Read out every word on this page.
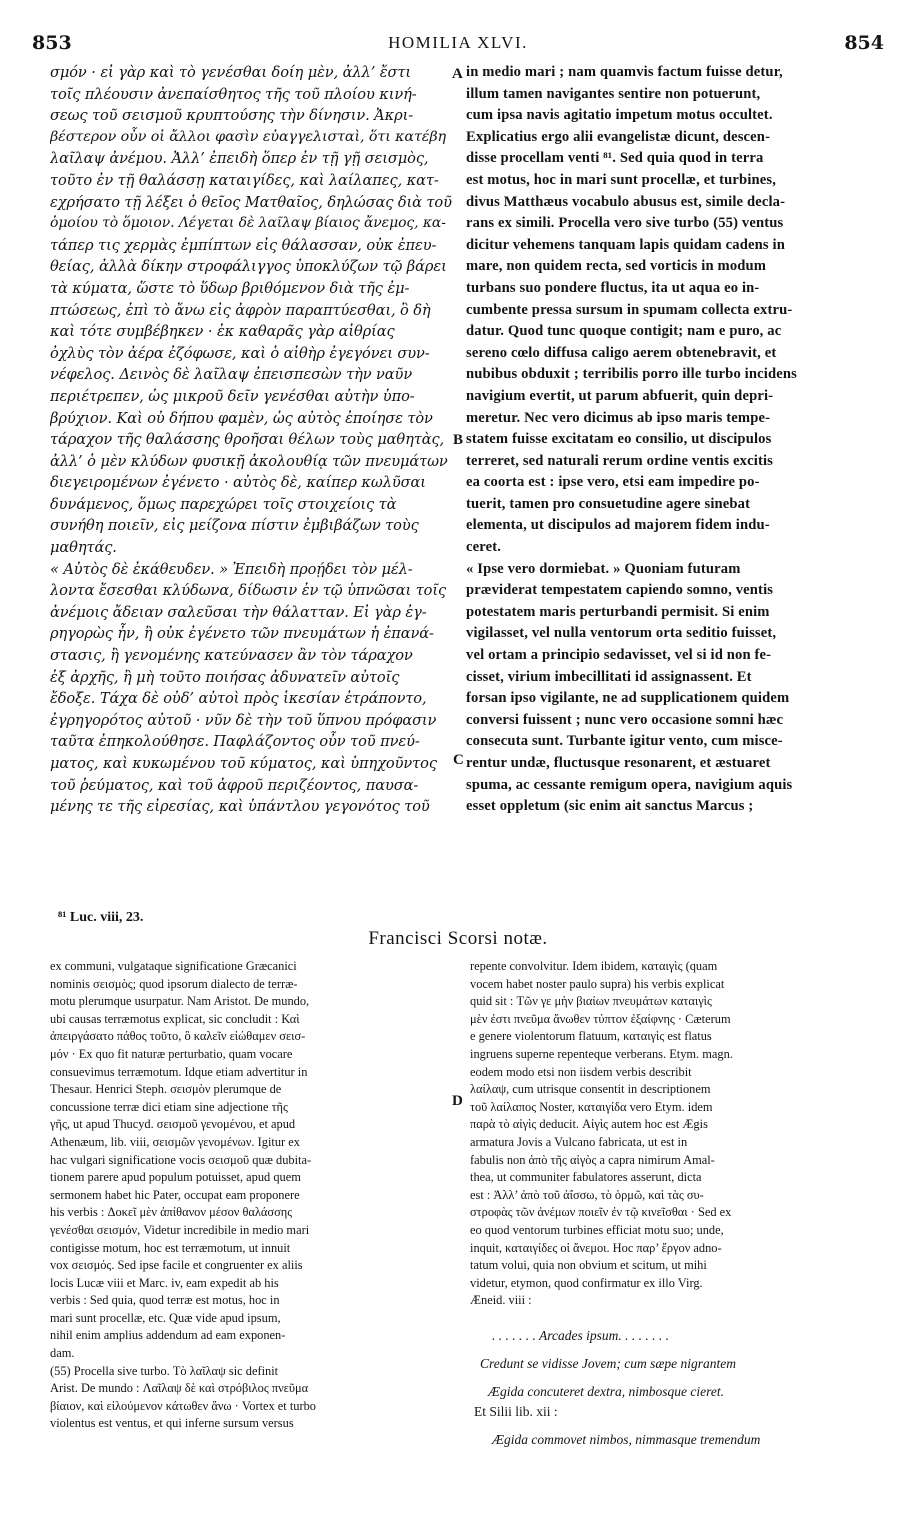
853	HOMILIA XLVI.	854
σμόν · εἰ γὰρ καὶ τὸ γενέσθαι δοίη μὲν, ἀλλ’ ἔστι
τοῖς πλέουσιν ἀνεπαίσθητος τῆς τοῦ πλοίου κινή-
σεως τοῦ σεισμοῦ κρυπτούσης τὴν δίνησιν. Ἀκρι-
βέστερον οὖν οἱ ἄλλοι φασὶν εὐαγγελισταὶ, ὅτι κατέβη
λαῖλαψ ἀνέμου. Ἀλλ’ ἐπειδὴ ὅπερ ἐν τῇ γῇ σεισμὸς,
τοῦτο ἐν τῇ θαλάσσῃ καταιγίδες, καὶ λαίλαπες, κατ-
εχρήσατο τῇ λέξει ὁ θεῖος Ματθαῖος, δηλώσας διὰ τοῦ
ὁμοίου τὸ ὅμοιον. Λέγεται δὲ λαῖλαψ βίαιος ἄνεμος, κα-
τάπερ τις χερμὰς ἐμπίπτων εἰς θάλασσαν, οὐκ ἐπευ-
θείας, ἀλλὰ δίκην στροφάλιγγος ὑποκλύζων τῷ βάρει
τὰ κύματα, ὥστε τὸ ὕδωρ βριθόμενον διὰ τῆς ἐμ-
πτώσεως, ἐπὶ τὸ ἄνω εἰς ἀφρὸν παραπτύεσθαι, ὃ δὴ
καὶ τότε συμβέβηκεν · ἐκ καθαρᾶς γὰρ αἰθρίας
ὀχλὺς τὸν ἀέρα ἐζόφωσε, καὶ ὁ αἰθὴρ ἐγεγόνει συν-
νέφελος. Δεινὸς δὲ λαῖλαψ ἐπεισπεσὼν τὴν ναῦν
περιέτρεπεν, ὡς μικροῦ δεῖν γενέσθαι αὐτὴν ὑπο-
βρύχιον. Καὶ οὐ δήπου φαμὲν, ὡς αὐτὸς ἐποίησε τὸν
τάραχον τῆς θαλάσσης θροῆσαι θέλων τοὺς μαθητὰς,
ἀλλ’ ὁ μὲν κλύδων φυσικῇ ἀκολουθίᾳ τῶν πνευμάτων
διεγειρομένων ἐγένετο · αὐτὸς δὲ, καίπερ κωλῦσαι
δυνάμενος, ὅμως παρεχώρει τοῖς στοιχείοις τὰ
συνήθη ποιεῖν, εἰς μείζονα πίστιν ἐμβιβάζων τοὺς
μαθητάς.
« Αὐτὸς δὲ ἐκάθευδεν. » Ἐπειδὴ προῄδει τὸν μέλ-
λοντα ἔσεσθαι κλύδωνα, δίδωσιν ἐν τῷ ὑπνῶσαι τοῖς
ἀνέμοις ἄδειαν σαλεῦσαι τὴν θάλατταν. Εἰ γὰρ ἐγ-
ρηγορὼς ἦν, ἢ οὐκ ἐγένετο τῶν πνευμάτων ἡ ἐπανά-
στασις, ἢ γενομένης κατεύνασεν ἂν τὸν τάραχον
ἐξ ἀρχῆς, ἢ μὴ τοῦτο ποιήσας ἀδυνατεῖν αὐτοῖς
ἔδοξε. Τάχα δὲ οὐδ’ αὐτοὶ πρὸς ἱκεσίαν ἐτράποντο,
ἐγρηγορότος αὐτοῦ · νῦν δὲ τὴν τοῦ ὕπνου πρόφασιν
ταῦτα ἐπηκολούθησε. Παφλάζοντος οὖν τοῦ πνεύ-
ματος, καὶ κυκωμένου τοῦ κύματος, καὶ ὑπηχοῦντος
τοῦ ῥεύματος, καὶ τοῦ ἀφροῦ περιζέοντος, παυσα-
μένης τε τῆς εἰρεσίας, καὶ ὑπάντλου γεγονότος τοῦ
in medio mari ; nam quamvis factum fuisse detur,
illum tamen navigantes sentire non potuerunt,
cum ipsa navis agitatio impetum motus occultet.
Explicatius ergo alii evangelistæ dicunt, descen-
disse procellam venti ⁸¹. Sed quia quod in terra
est motus, hoc in mari sunt procellæ, et turbines,
divus Matthæus vocabulo abusus est, simile decla-
rans ex simili. Procella vero sive turbo (55) ventus
dicitur vehemens tanquam lapis quidam cadens in
mare, non quidem recta, sed vorticis in modum
turbans suo pondere fluctus, ita ut aqua eo in-
cumbente pressa sursum in spumam collecta extru-
datur. Quod tunc quoque contigit; nam e puro, ac
sereno cœlo diffusa caligo aerem obtenebravit, et
nubibus obduxit ; terribilis porro ille turbo incidens
navigium evertit, ut parum abfuerit, quin depri-
meretur. Nec vero dicimus ab ipso maris tempe-
statem fuisse excitatam eo consilio, ut discipulos
terreret, sed naturali rerum ordine ventis excitis
ea coorta est : ipse vero, etsi eam impedire po-
tuerit, tamen pro consuetudine agere sinebat
elementa, ut discipulos ad majorem fidem indu-
ceret.
« Ipse vero dormiebat. » Quoniam futuram
præviderat tempestatem capiendo somno, ventis
potestatem maris perturbandi permisit. Si enim
vigilasset, vel nulla ventorum orta seditio fuisset,
vel ortam a principio sedavisset, vel si id non fe-
cisset, virium imbecillitati id assignassent. Et
forsan ipso vigilante, ne ad supplicationem quidem
conversi fuissent ; nunc vero occasione somni hæc
consecuta sunt. Turbante igitur vento, cum misce-
rentur undæ, fluctusque resonarent, et æstuaret
spuma, ac cessante remigum opera, navigium aquis
esset oppletum (sic enim ait sanctus Marcus ;
A
B
C
D
⁸¹ Luc. viii, 23.
Francisci Scorsi notæ.
ex communi, vulgataque significatione Græcanici
nominis σεισμὸς; quod ipsorum dialecto de terræ-
motu plerumque usurpatur. Nam Aristot. De mundo,
ubi causas terræmotus explicat, sic concludit : Καὶ
ἀπειργάσατο πάθος τοῦτο, ὃ καλεῖν εἰώθαμεν σεισ-
μόν · Ex quo fit naturæ perturbatio, quam vocare
consuevimus terræmotum. Idque etiam advertitur in
Thesaur. Henrici Steph. σεισμὸν plerumque de
concussione terræ dici etiam sine adjectione τῆς
γῆς, ut apud Thucyd. σεισμοῦ γενομένου, et apud
Athenæum, lib. viii, σεισμῶν γενομένων. Igitur ex
hac vulgari significatione vocis σεισμοῦ quæ dubita-
tionem parere apud populum potuisset, apud quem
sermonem habet hic Pater, occupat eam proponere
his verbis : Δοκεῖ μὲν ἀπίθανον μέσον θαλάσσης
γενέσθαι σεισμόν, Videtur incredibile in medio mari
contigisse motum, hoc est terræmotum, ut innuit
vox σεισμός. Sed ipse facile et congruenter ex aliis
locis Lucæ viii et Marc. iv, eam expedit ab his
verbis : Sed quia, quod terræ est motus, hoc in
mari sunt procellæ, etc. Quæ vide apud ipsum,
nihil enim amplius addendum ad eam exponen-
dam.
(55) Procella sive turbo. Τὸ λαῖλαψ sic definit
Arist. De mundo : Λαῖλαψ δὲ καὶ στρόβιλος πνεῦμα
βίαιον, καὶ εἰλούμενον κάτωθεν ἄνω · Vortex et turbo
violentus est ventus, et qui inferne sursum versus
repente convolvitur. Idem ibidem, καταιγὶς (quam
vocem habet noster paulo supra) his verbis explicat
quid sit : Τῶν γε μὴν βιαίων πνευμάτων καταιγὶς
μὲν ἐστι πνεῦμα ἄνωθεν τύπτον ἐξαίφνης · Cæterum
e genere violentorum flatuum, καταιγὶς est flatus
ingruens superne repenteque verberans. Etym. magn.
eodem modo etsi non iisdem verbis describit
λαίλαψ, cum utrisque consentit in descriptionem
τοῦ λαίλαπος Noster, καταιγίδα vero Etym. idem
παρὰ τὸ αἰγὶς deducit. Αἰγὶς autem hoc est Ægis
armatura Jovis a Vulcano fabricata, ut est in
fabulis non ἀπὸ τῆς αἰγὸς a capra nimirum Amal-
thea, ut communiter fabulatores asserunt, dicta
est : Ἀλλ’ ἀπὸ τοῦ ἀΐσσω, τὸ ὁρμῶ, καὶ τὰς συ-
στροφὰς τῶν ἀνέμων ποιεῖν ἐν τῷ κινεῖσθαι · Sed ex
eo quod ventorum turbines efficiat motu suo; unde,
inquit, καταιγίδες οἱ ἄνεμοι. Hoc παρ’ ἔργον adno-
tatum volui, quia non obvium et scitum, ut mihi
videtur, etymon, quod confirmatur ex illo Virg.
Æneid. viii :
. . . . . . . Arcades ipsum. . . . . . . .
Credunt se vidisse Jovem; cum sæpe nigrantem
Ægida concuteret dextra, nimbosque cieret.
Et Silii lib. xii :
Ægida commovet nimbos, nimmasque tremendum
